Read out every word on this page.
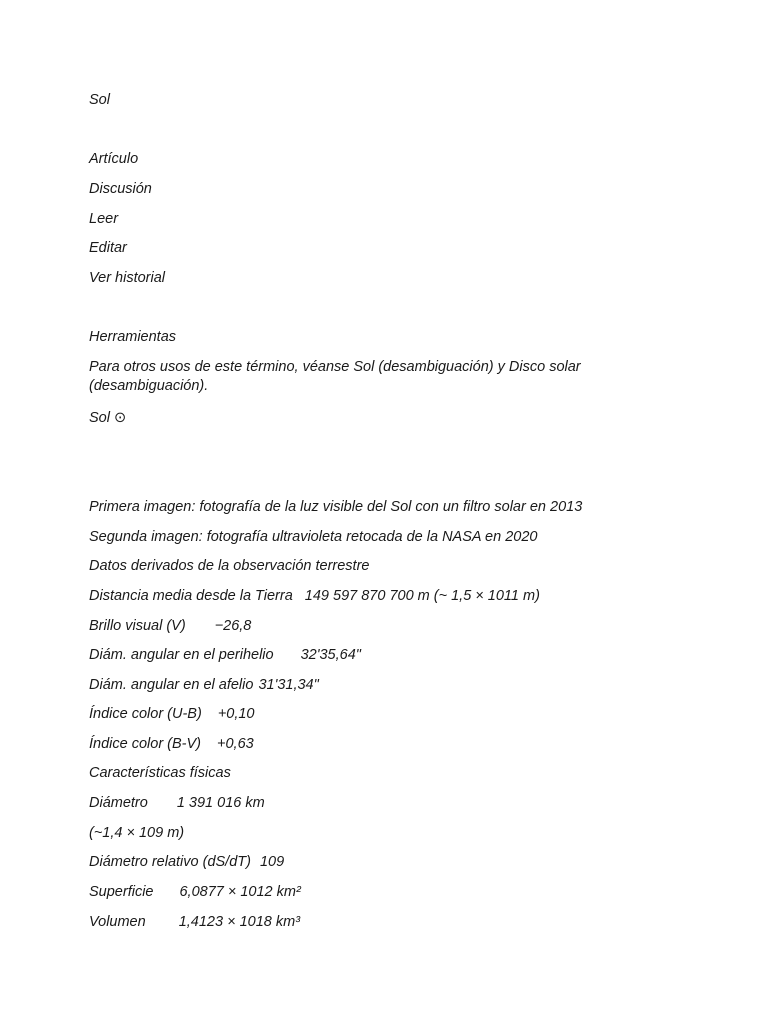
Sol

Artículo

Discusión

Leer

Editar

Ver historial

Herramientas

Para otros usos de este término, véanse Sol (desambiguación) y Disco solar (desambiguación).

Sol ⊙

Primera imagen: fotografía de la luz visible del Sol con un filtro solar en 2013

Segunda imagen: fotografía ultravioleta retocada de la NASA en 2020

Datos derivados de la observación terrestre

Distancia media desde la Tierra 149 597 870 700 m (~ 1,5 × 1011 m)

Brillo visual (V) −26,8

Diám. angular en el perihelio 32'35,64"

Diám. angular en el afelio 31'31,34"

Índice color (U-B) +0,10

Índice color (B-V) +0,63

Características físicas

Diámetro 1 391 016 km

(~1,4 × 109 m)

Diámetro relativo (dS/dT) 109

Superficie 6,0877 × 1012 km²

Volumen 1,4123 × 1018 km³
